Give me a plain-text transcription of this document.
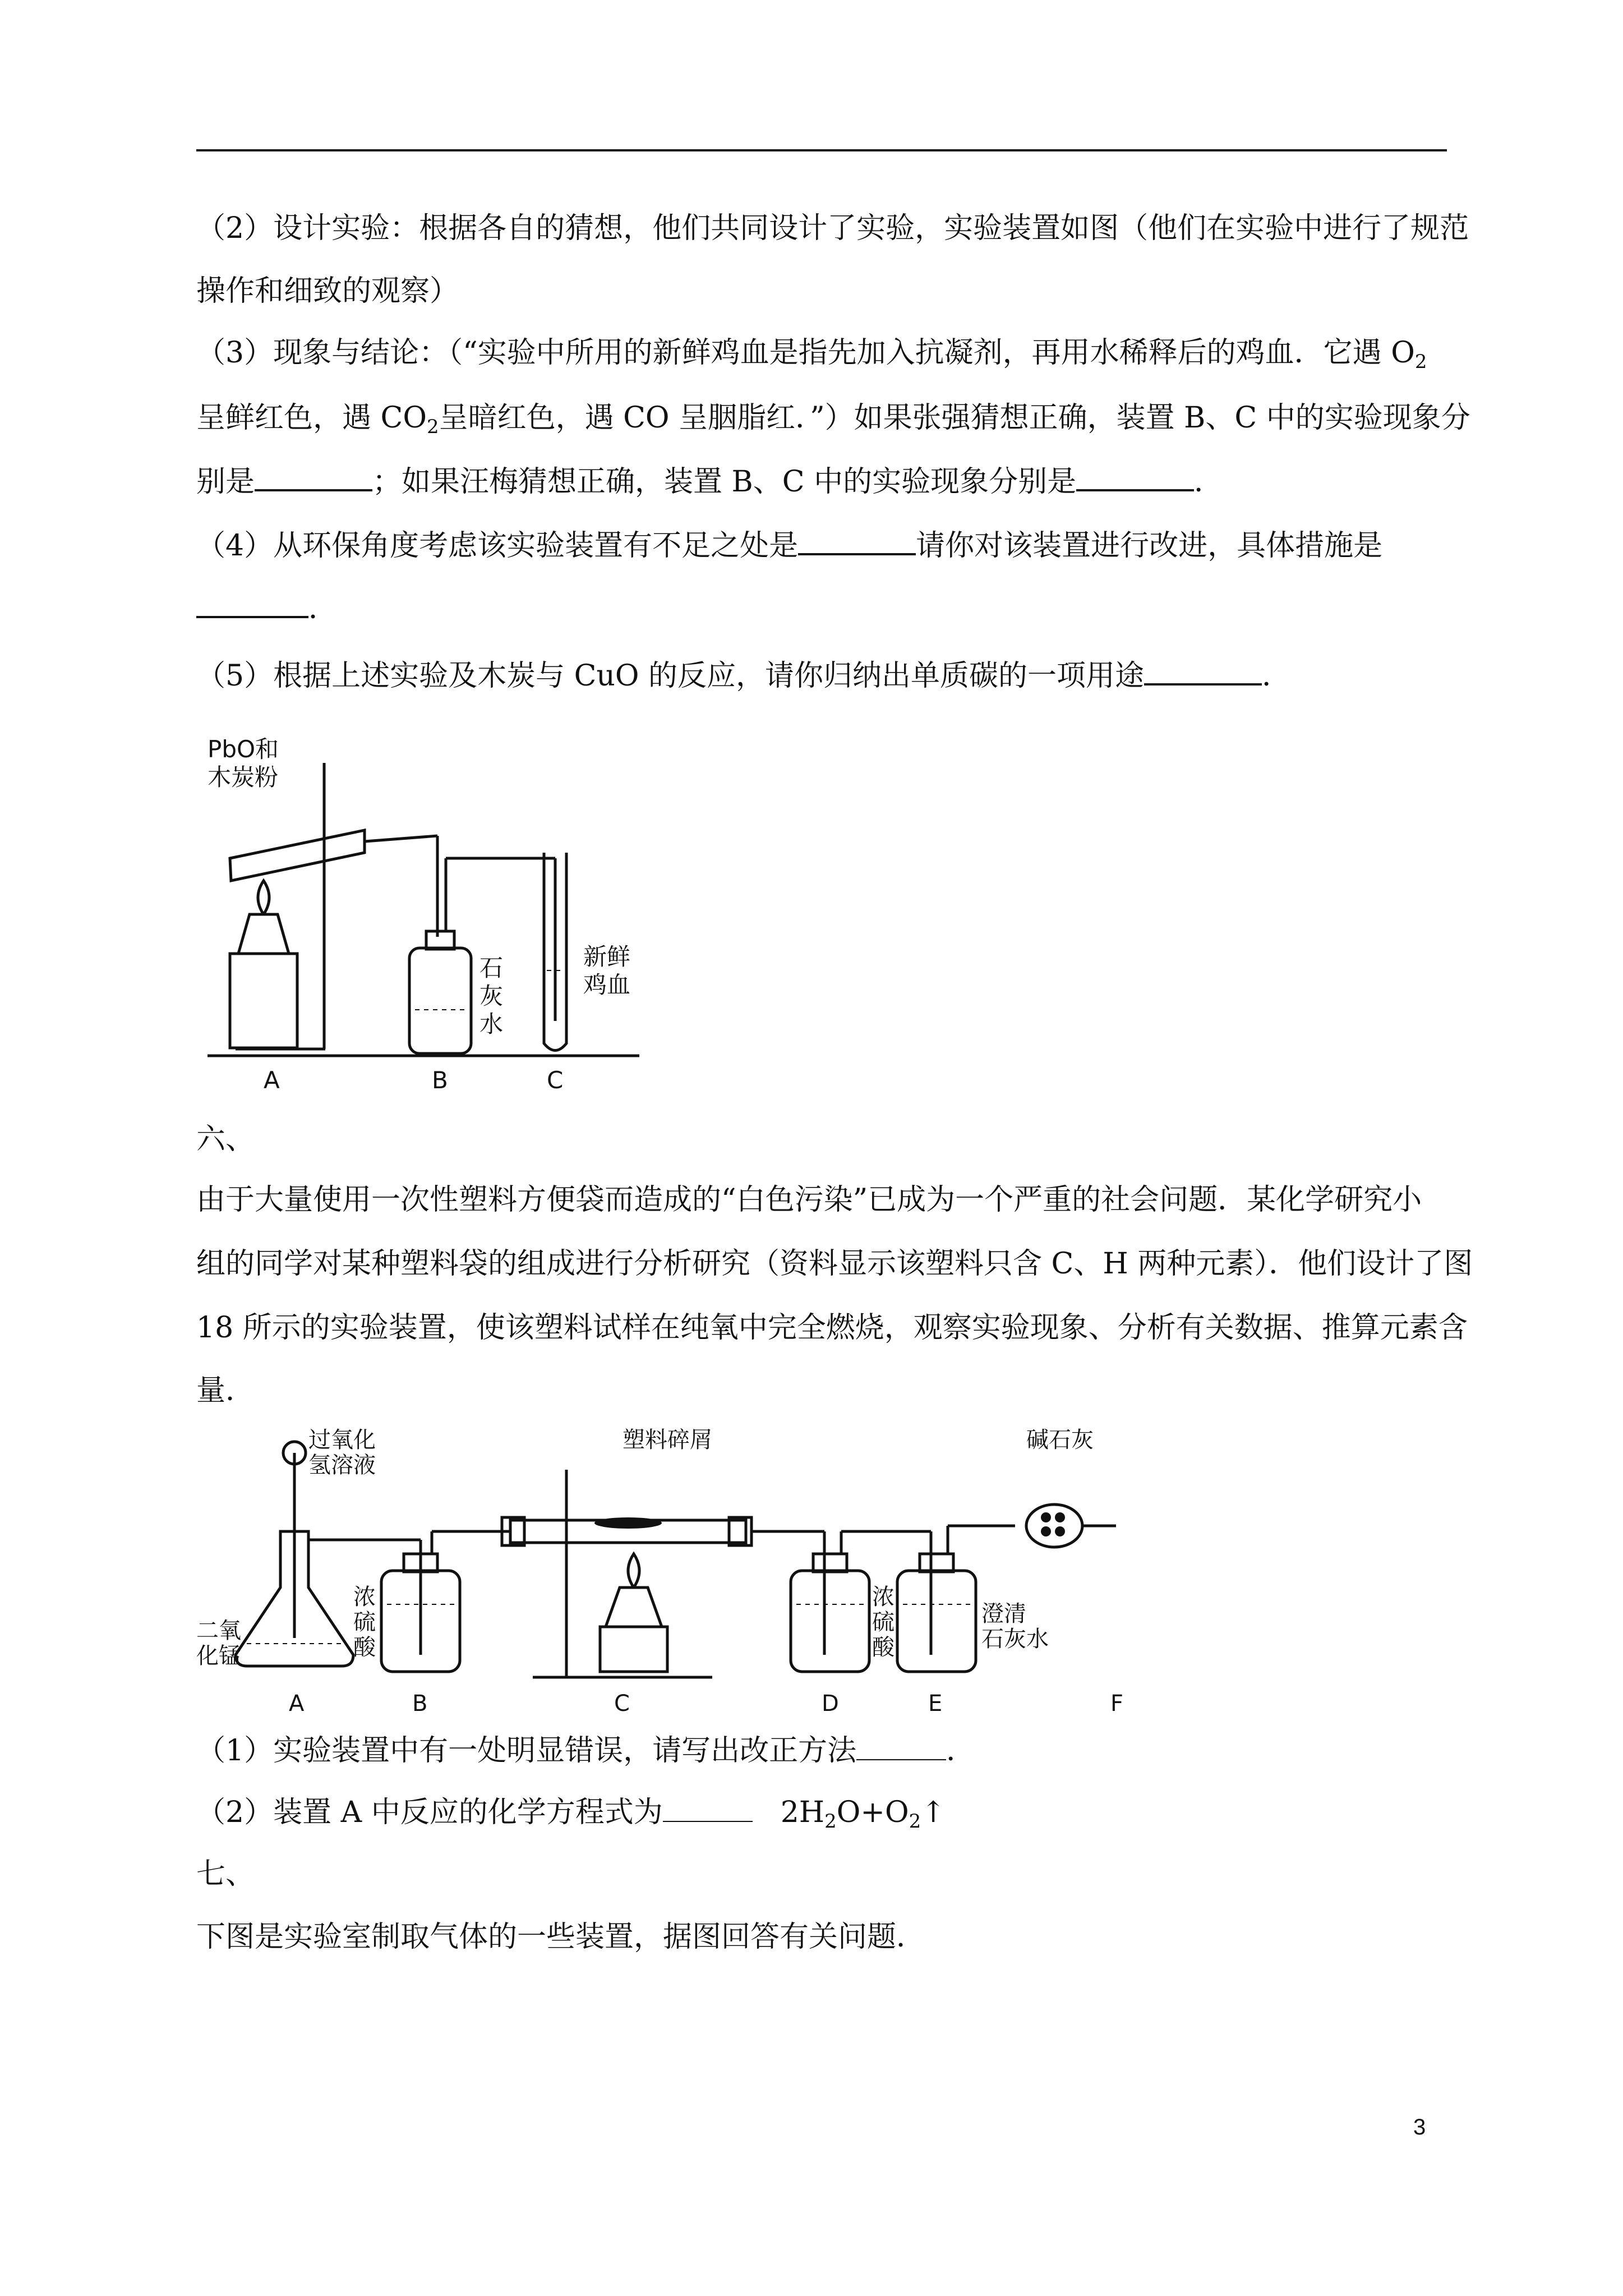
（2）设计实验：根据各自的猜想，他们共同设计了实验，实验装置如图（他们在实验中进行了规范
操作和细致的观察）
（3）现象与结论：（“实验中所用的新鲜鸡血是指先加入抗凝剂，再用水稀释后的鸡血．它遇 $O_2$
呈鲜红色，遇 $CO_2$呈暗红色，遇 CO 呈胭脂红．”）如果张强猜想正确，装置 B、C 中的实验现象分
别是	；如果汪梅猜想正确，装置 B、C 中的实验现象分别是	．
（4）从环保角度考虑该实验装置有不足之处是	请你对该装置进行改进，具体措施是
．
（5）根据上述实验及木炭与 CuO 的反应，请你归纳出单质碳的一项用途	．
PbO和
木炭粉
石
灰
水
新鲜
鸡血
A	B	C
六、
由于大量使用一次性塑料方便袋而造成的“白色污染”已成为一个严重的社会问题．某化学研究小
组的同学对某种塑料袋的组成进行分析研究（资料显示该塑料只含 C、H 两种元素）．他们设计了图
18 所示的实验装置，使该塑料试样在纯氧中完全燃烧，观察实验现象、分析有关数据、推算元素含
量．
过氧化
氢溶液
二氧
化锰
浓
硫
酸
塑料碎屑
浓
硫
酸
澄清
石灰水
碱石灰
A	B	C	D	E	F
（1）实验装置中有一处明显错误，请写出改正方法	．
（2）装置 A 中反应的化学方程式为	$2H_2O+O_2↑$
七、
下图是实验室制取气体的一些装置，据图回答有关问题．
3
